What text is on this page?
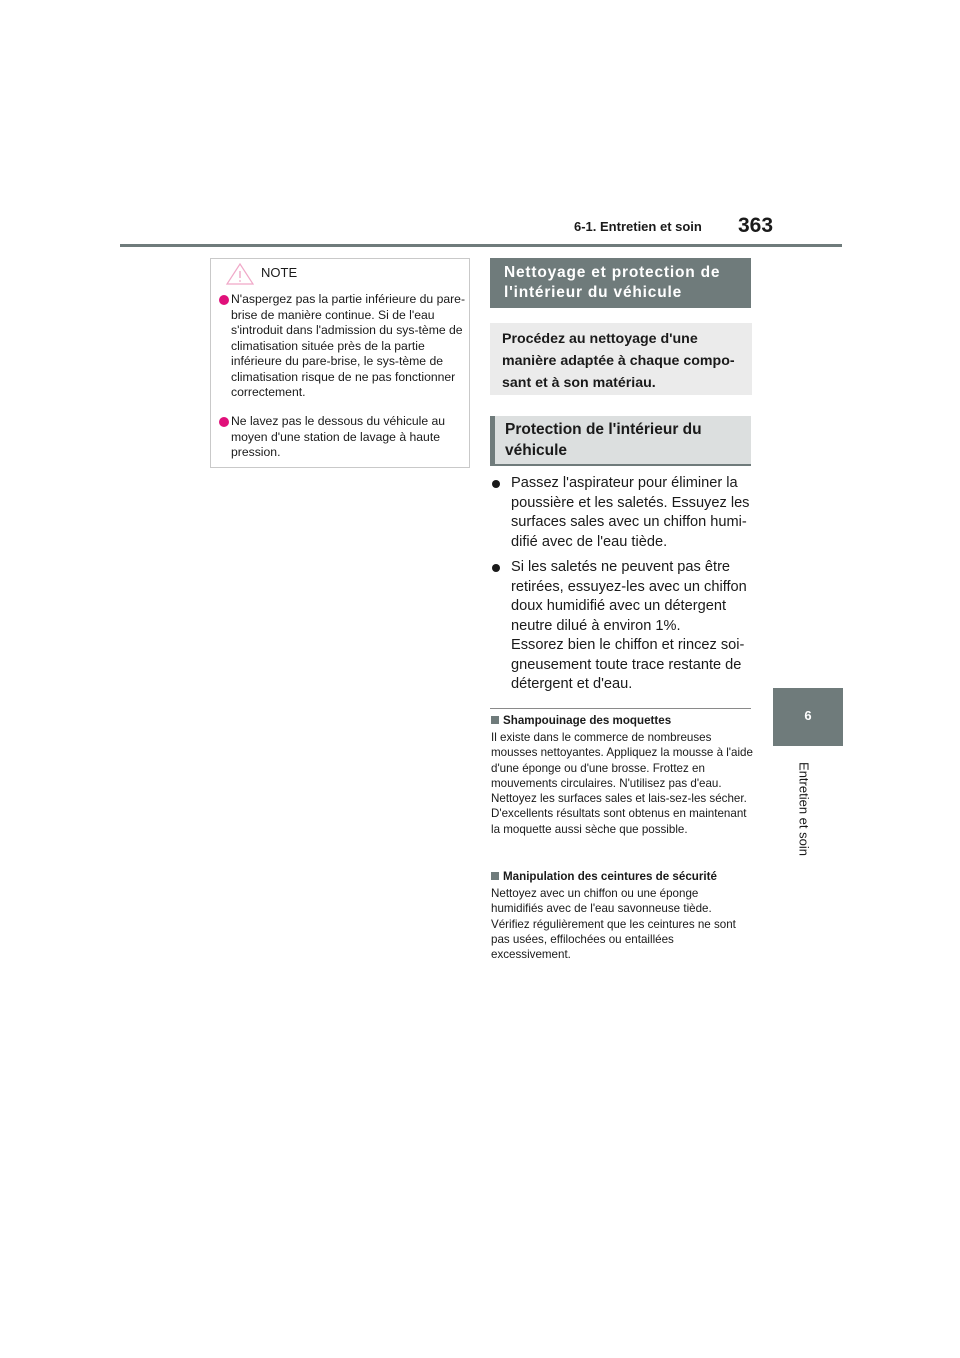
6-1. Entretien et soin 363
6
Entretien et soin
NOTE
N'aspergez pas la partie inférieure du pare-brise de manière continue. Si de l'eau s'introduit dans l'admission du sys-tème de climatisation située près de la partie inférieure du pare-brise, le sys-tème de climatisation risque de ne pas fonctionner correctement.
Ne lavez pas le dessous du véhicule au moyen d'une station de lavage à haute pression.
Nettoyage et protection de l'intérieur du véhicule
Procédez au nettoyage d'une manière adaptée à chaque compo-sant et à son matériau.
Protection de l'intérieur du véhicule
Passez l'aspirateur pour éliminer la poussière et les saletés. Essuyez les surfaces sales avec un chiffon humi-difié avec de l'eau tiède.
Si les saletés ne peuvent pas être retirées, essuyez-les avec un chiffon doux humidifié avec un détergent neutre dilué à environ 1%.
Essorez bien le chiffon et rincez soi-gneusement toute trace restante de détergent et d'eau.
Shampouinage des moquettes
Il existe dans le commerce de nombreuses mousses nettoyantes. Appliquez la mousse à l'aide d'une éponge ou d'une brosse. Frottez en mouvements circulaires. N'utilisez pas d'eau. Nettoyez les surfaces sales et lais-sez-les sécher. D'excellents résultats sont obtenus en maintenant la moquette aussi sèche que possible.
Manipulation des ceintures de sécurité
Nettoyez avec un chiffon ou une éponge humidifiés avec de l'eau savonneuse tiède. Vérifiez régulièrement que les ceintures ne sont pas usées, effilochées ou entaillées excessivement.
